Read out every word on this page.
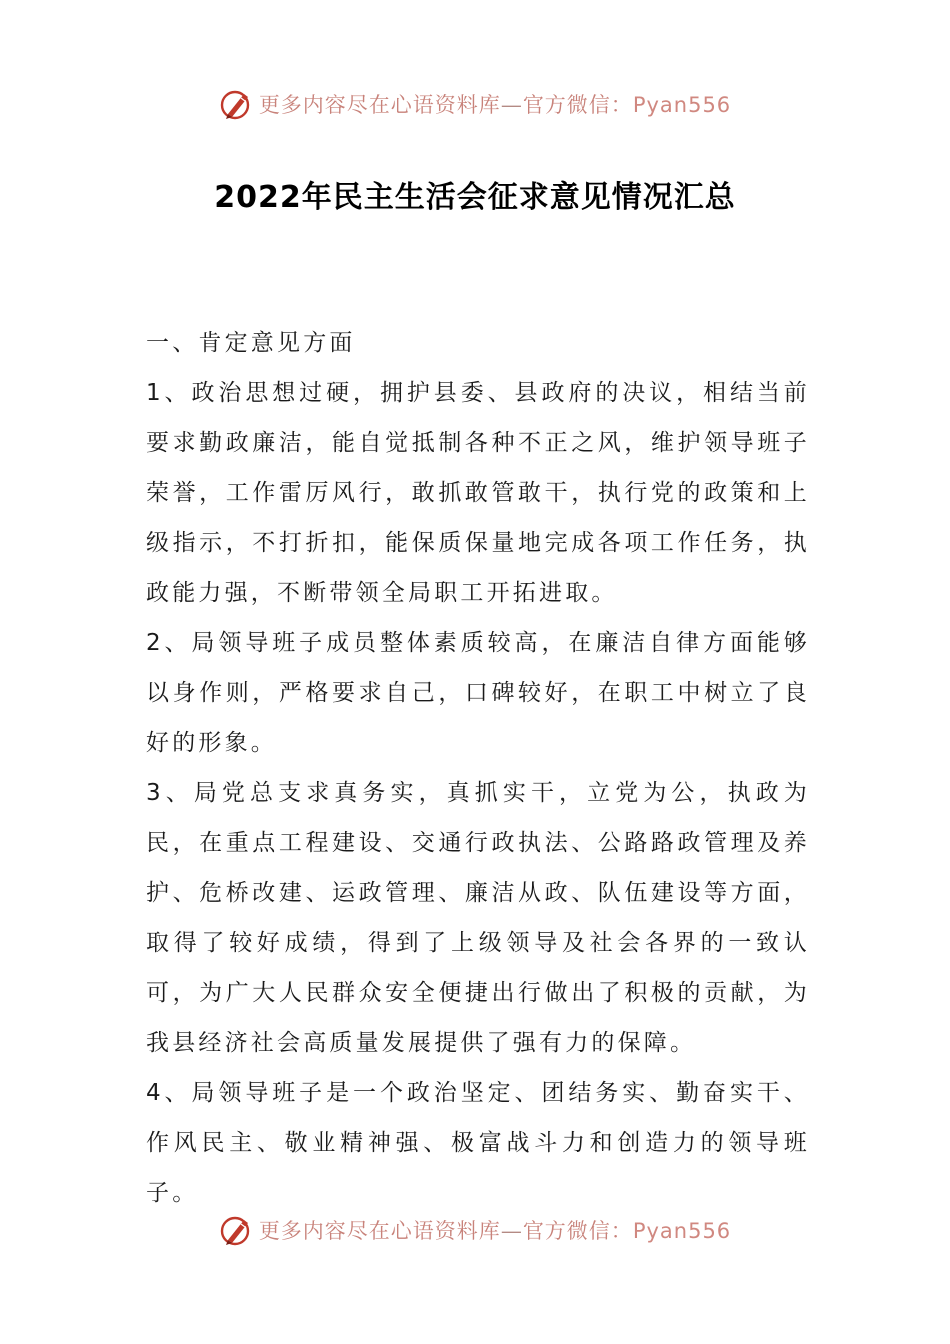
更多内容尽在心语资料库—官方微信：Pyan556
2022年民主生活会征求意见情况汇总

一、肯定意见方面

1、政治思想过硬，拥护县委、县政府的决议，相结当前要求勤政廉洁，能自觉抵制各种不正之风，维护领导班子荣誉，工作雷厉风行，敢抓敢管敢干，执行党的政策和上级指示，不打折扣，能保质保量地完成各项工作任务，执政能力强，不断带领全局职工开拓进取。

2、局领导班子成员整体素质较高，在廉洁自律方面能够以身作则，严格要求自己，口碑较好，在职工中树立了良好的形象。

3、局党总支求真务实，真抓实干，立党为公，执政为民，在重点工程建设、交通行政执法、公路路政管理及养护、危桥改建、运政管理、廉洁从政、队伍建设等方面，取得了较好成绩，得到了上级领导及社会各界的一致认可，为广大人民群众安全便捷出行做出了积极的贡献，为我县经济社会高质量发展提供了强有力的保障。

4、局领导班子是一个政治坚定、团结务实、勤奋实干、作风民主、敬业精神强、极富战斗力和创造力的领导班子。

更多内容尽在心语资料库—官方微信：Pyan556
